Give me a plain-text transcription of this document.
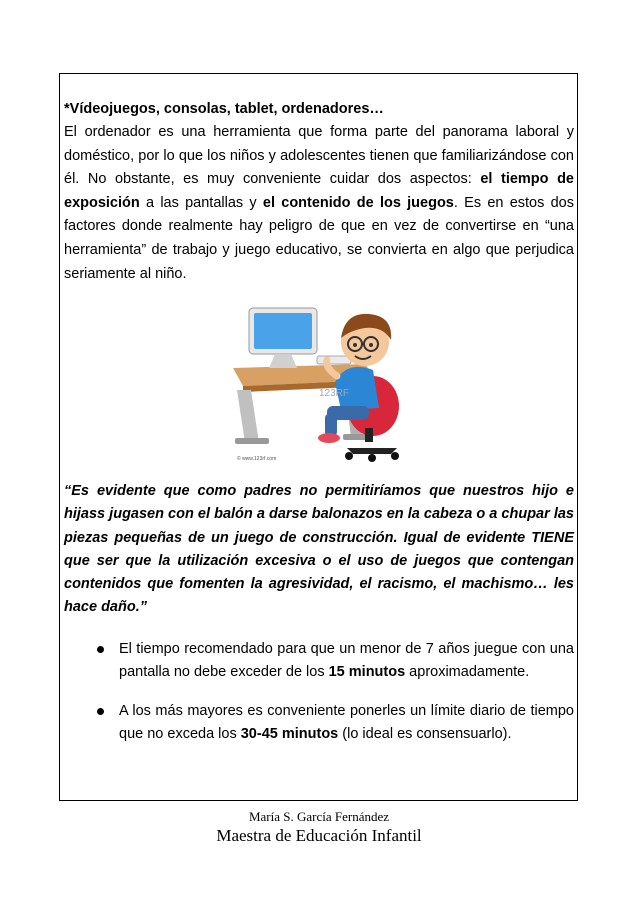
*Vídeojuegos, consolas, tablet, ordenadores…

El ordenador es una herramienta que forma parte del panorama laboral y doméstico, por lo que los niños y adolescentes tienen que familiarizándose con él. No obstante, es muy conveniente cuidar dos aspectos: el tiempo de exposición a las pantallas y el contenido de los juegos. Es en estos dos factores donde realmente hay peligro de que en vez de convertirse en “una herramienta” de trabajo y juego educativo, se convierta en algo que perjudica seriamente al niño.

123RF
© www.123rf.com

“Es evidente que como padres no permitiríamos que nuestros hijo e hijass jugasen con el balón a darse balonazos en la cabeza o a chupar las piezas pequeñas de un juego de construcción. Igual de evidente TIENE que ser que la utilización excesiva o el uso de juegos que contengan contenidos que fomenten la agresividad, el racismo, el machismo… les hace daño.”

El tiempo recomendado para que un menor de 7 años juegue con una pantalla no debe exceder de los 15 minutos aproximadamente.
A los más mayores es conveniente ponerles un límite diario de tiempo que no exceda los 30-45 minutos (lo ideal es consensuarlo).
María S. García Fernández
Maestra de Educación Infantil
